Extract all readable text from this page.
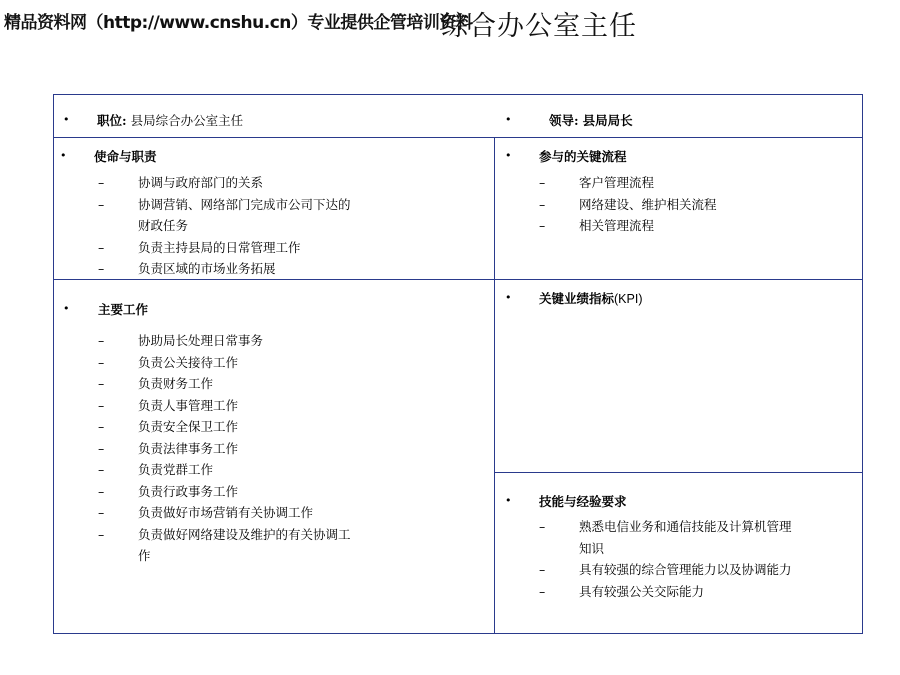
精品资料网（http://www.cnshu.cn）专业提供企管培训资料
综合办公室主任
• 职位: 县局综合办公室主任	•	领导: 县局局长
• 使命与职责
–	协调与政府部门的关系
–	协调营销、网络部门完成市公司下达的财政任务
–	负责主持县局的日常管理工作
–	负责区域的市场业务拓展
• 参与的关键流程
–	客户管理流程
–	网络建设、维护相关流程
–	相关管理流程
• 主要工作
–	协助局长处理日常事务
–	负责公关接待工作
–	负责财务工作
–	负责人事管理工作
–	负责安全保卫工作
–	负责法律事务工作
–	负责党群工作
–	负责行政事务工作
–	负责做好市场营销有关协调工作
–	负责做好网络建设及维护的有关协调工作
• 关键业绩指标(KPI)
• 技能与经验要求
–	熟悉电信业务和通信技能及计算机管理知识
–	具有较强的综合管理能力以及协调能力
–	具有较强公关交际能力
